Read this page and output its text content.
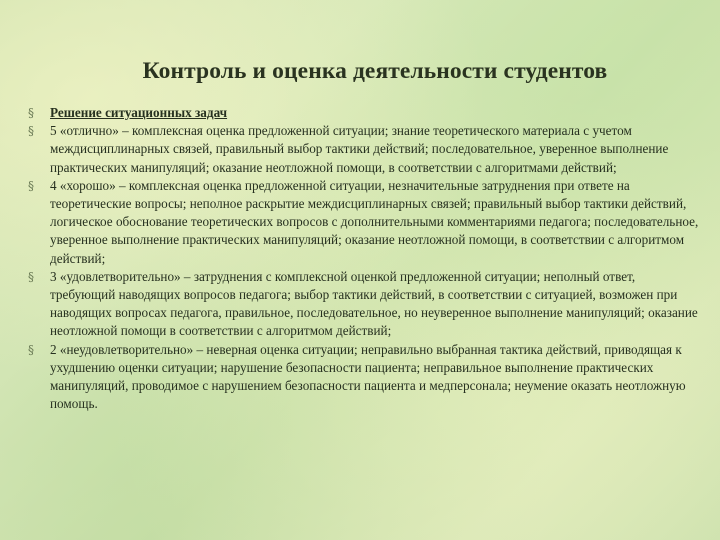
Контроль и оценка деятельности студентов
§ Решение ситуационных задач
§ 5 «отлично» – комплексная оценка предложенной ситуации; знание теоретического материала с учетом междисциплинарных связей, правильный выбор тактики действий; последовательное, уверенное выполнение практических манипуляций; оказание неотложной помощи, в соответствии с алгоритмами действий;
§ 4 «хорошо» – комплексная оценка предложенной ситуации, незначительные затруднения при ответе на теоретические вопросы; неполное раскрытие междисциплинарных связей; правильный выбор тактики действий, логическое обоснование теоретических вопросов с дополнительными комментариями педагога; последовательное, уверенное выполнение практических манипуляций; оказание неотложной помощи, в соответствии с алгоритмом действий;
§ 3 «удовлетворительно» – затруднения с комплексной оценкой предложенной ситуации; неполный ответ, требующий наводящих вопросов педагога; выбор тактики действий, в соответствии с ситуацией, возможен при наводящих вопросах педагога, правильное, последовательное, но неуверенное выполнение манипуляций; оказание неотложной помощи в соответствии с алгоритмом действий;
§ 2 «неудовлетворительно» – неверная оценка ситуации; неправильно выбранная тактика действий, приводящая к ухудшению оценки ситуации; нарушение безопасности пациента; неправильное выполнение практических манипуляций, проводимое с нарушением безопасности пациента и медперсонала; неумение оказать неотложную помощь.
